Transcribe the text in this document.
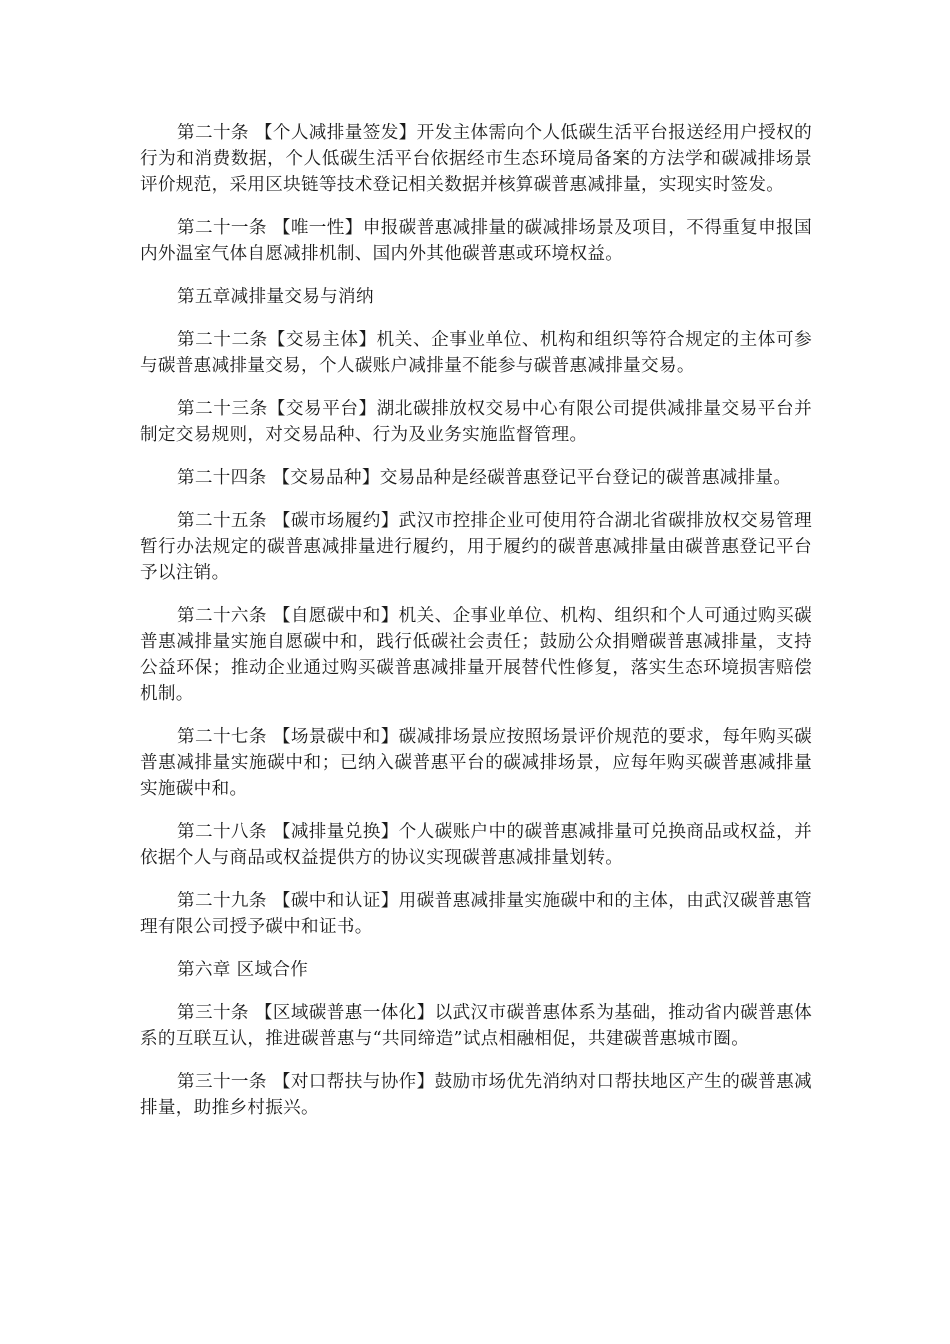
第二十条 【个人减排量签发】开发主体需向个人低碳生活平台报送经用户授权的行为和消费数据，个人低碳生活平台依据经市生态环境局备案的方法学和碳减排场景评价规范，采用区块链等技术登记相关数据并核算碳普惠减排量，实现实时签发。

第二十一条 【唯一性】申报碳普惠减排量的碳减排场景及项目，不得重复申报国内外温室气体自愿减排机制、国内外其他碳普惠或环境权益。

第五章减排量交易与消纳

第二十二条【交易主体】机关、企事业单位、机构和组织等符合规定的主体可参与碳普惠减排量交易，个人碳账户减排量不能参与碳普惠减排量交易。

第二十三条【交易平台】湖北碳排放权交易中心有限公司提供减排量交易平台并制定交易规则，对交易品种、行为及业务实施监督管理。

第二十四条 【交易品种】交易品种是经碳普惠登记平台登记的碳普惠减排量。

第二十五条 【碳市场履约】武汉市控排企业可使用符合湖北省碳排放权交易管理暂行办法规定的碳普惠减排量进行履约，用于履约的碳普惠减排量由碳普惠登记平台予以注销。

第二十六条 【自愿碳中和】机关、企事业单位、机构、组织和个人可通过购买碳普惠减排量实施自愿碳中和，践行低碳社会责任；鼓励公众捐赠碳普惠减排量，支持公益环保；推动企业通过购买碳普惠减排量开展替代性修复，落实生态环境损害赔偿机制。

第二十七条 【场景碳中和】碳减排场景应按照场景评价规范的要求，每年购买碳普惠减排量实施碳中和；已纳入碳普惠平台的碳减排场景，应每年购买碳普惠减排量实施碳中和。

第二十八条 【减排量兑换】个人碳账户中的碳普惠减排量可兑换商品或权益，并依据个人与商品或权益提供方的协议实现碳普惠减排量划转。

第二十九条 【碳中和认证】用碳普惠减排量实施碳中和的主体，由武汉碳普惠管理有限公司授予碳中和证书。

第六章 区域合作

第三十条 【区域碳普惠一体化】以武汉市碳普惠体系为基础，推动省内碳普惠体系的互联互认，推进碳普惠与“共同缔造”试点相融相促，共建碳普惠城市圈。

第三十一条 【对口帮扶与协作】鼓励市场优先消纳对口帮扶地区产生的碳普惠减排量，助推乡村振兴。
